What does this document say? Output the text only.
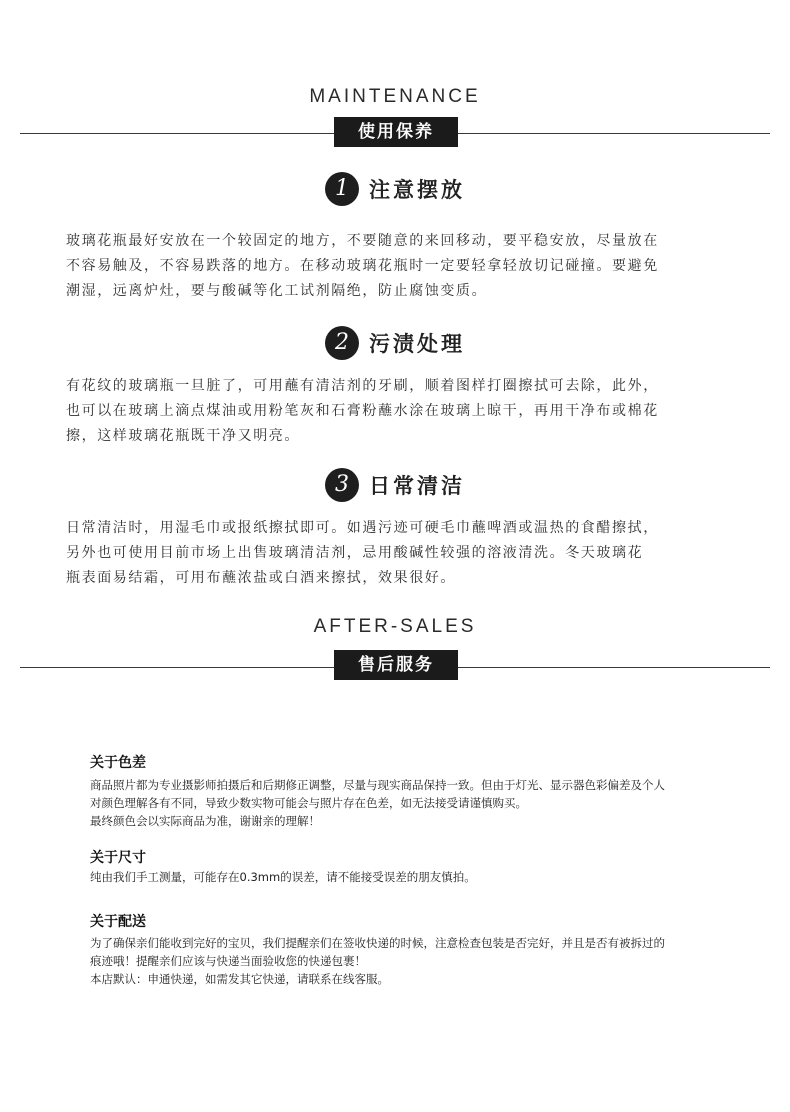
MAINTENANCE
使用保养
1 注意摆放
玻璃花瓶最好安放在一个较固定的地方，不要随意的来回移动，要平稳安放，尽量放在
不容易触及，不容易跌落的地方。在移动玻璃花瓶时一定要轻拿轻放切记碰撞。要避免
潮湿，远离炉灶，要与酸碱等化工试剂隔绝，防止腐蚀变质。
2 污渍处理
有花纹的玻璃瓶一旦脏了，可用蘸有清洁剂的牙刷，顺着图样打圈擦拭可去除，此外，
也可以在玻璃上滴点煤油或用粉笔灰和石膏粉蘸水涂在玻璃上晾干，再用干净布或棉花
擦，这样玻璃花瓶既干净又明亮。
3 日常清洁
日常清洁时，用湿毛巾或报纸擦拭即可。如遇污迹可硬毛巾蘸啤酒或温热的食醋擦拭，
另外也可使用目前市场上出售玻璃清洁剂，忌用酸碱性较强的溶液清洗。冬天玻璃花
瓶表面易结霜，可用布蘸浓盐或白酒来擦拭，效果很好。
AFTER-SALES
售后服务
关于色差
商品照片都为专业摄影师拍摄后和后期修正调整，尽量与现实商品保持一致。但由于灯光、显示器色彩偏差及个人
对颜色理解各有不同，导致少数实物可能会与照片存在色差，如无法接受请谨慎购买。
最终颜色会以实际商品为准，谢谢亲的理解！
关于尺寸
纯由我们手工测量，可能存在0.3mm的误差，请不能接受误差的朋友慎拍。
关于配送
为了确保亲们能收到完好的宝贝，我们提醒亲们在签收快递的时候，注意检查包装是否完好，并且是否有被拆过的
痕迹哦！提醒亲们应该与快递当面验收您的快递包裹！
本店默认：申通快递，如需发其它快递，请联系在线客服。
